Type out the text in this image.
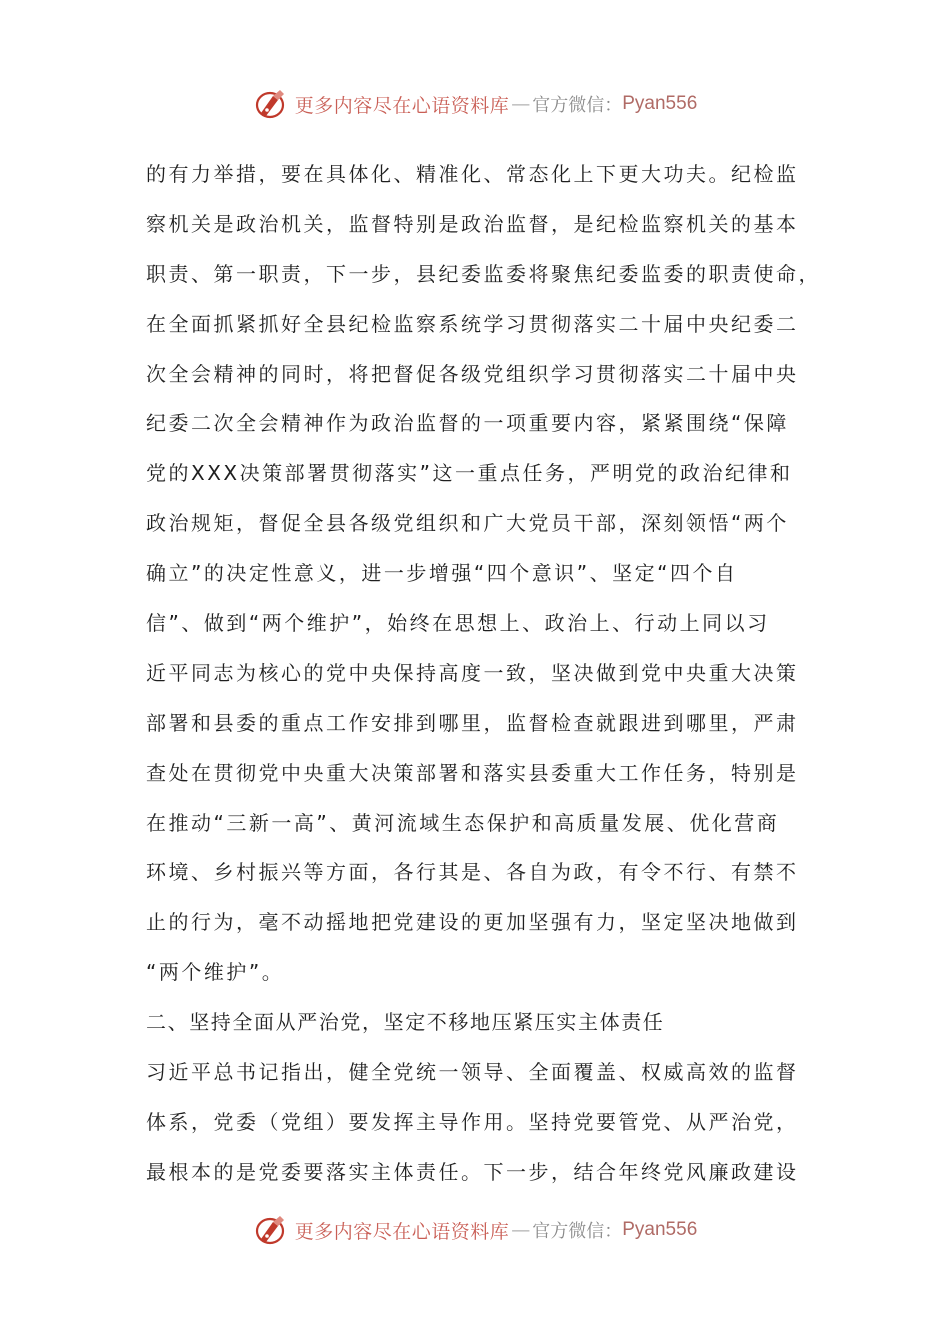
更多内容尽在心语资料库 — 官方微信： Pyan556
的有力举措，要在具体化、精准化、常态化上下更大功夫。纪检监
察机关是政治机关，监督特别是政治监督，是纪检监察机关的基本
职责、第一职责，下一步，县纪委监委将聚焦纪委监委的职责使命，
在全面抓紧抓好全县纪检监察系统学习贯彻落实二十届中央纪委二
次全会精神的同时，将把督促各级党组织学习贯彻落实二十届中央
纪委二次全会精神作为政治监督的一项重要内容，紧紧围绕“保障
党的XXX决策部署贯彻落实”这一重点任务，严明党的政治纪律和
政治规矩，督促全县各级党组织和广大党员干部，深刻领悟“两个
确立”的决定性意义，进一步增强“四个意识”、坚定“四个自
信”、做到“两个维护”，始终在思想上、政治上、行动上同以习
近平同志为核心的党中央保持高度一致，坚决做到党中央重大决策
部署和县委的重点工作安排到哪里，监督检查就跟进到哪里，严肃
查处在贯彻党中央重大决策部署和落实县委重大工作任务，特别是
在推动“三新一高”、黄河流域生态保护和高质量发展、优化营商
环境、乡村振兴等方面，各行其是、各自为政，有令不行、有禁不
止的行为，毫不动摇地把党建设的更加坚强有力，坚定坚决地做到
“两个维护”。
二、坚持全面从严治党，坚定不移地压紧压实主体责任
习近平总书记指出，健全党统一领导、全面覆盖、权威高效的监督
体系，党委（党组）要发挥主导作用。坚持党要管党、从严治党，
最根本的是党委要落实主体责任。下一步，结合年终党风廉政建设
更多内容尽在心语资料库 — 官方微信： Pyan556
